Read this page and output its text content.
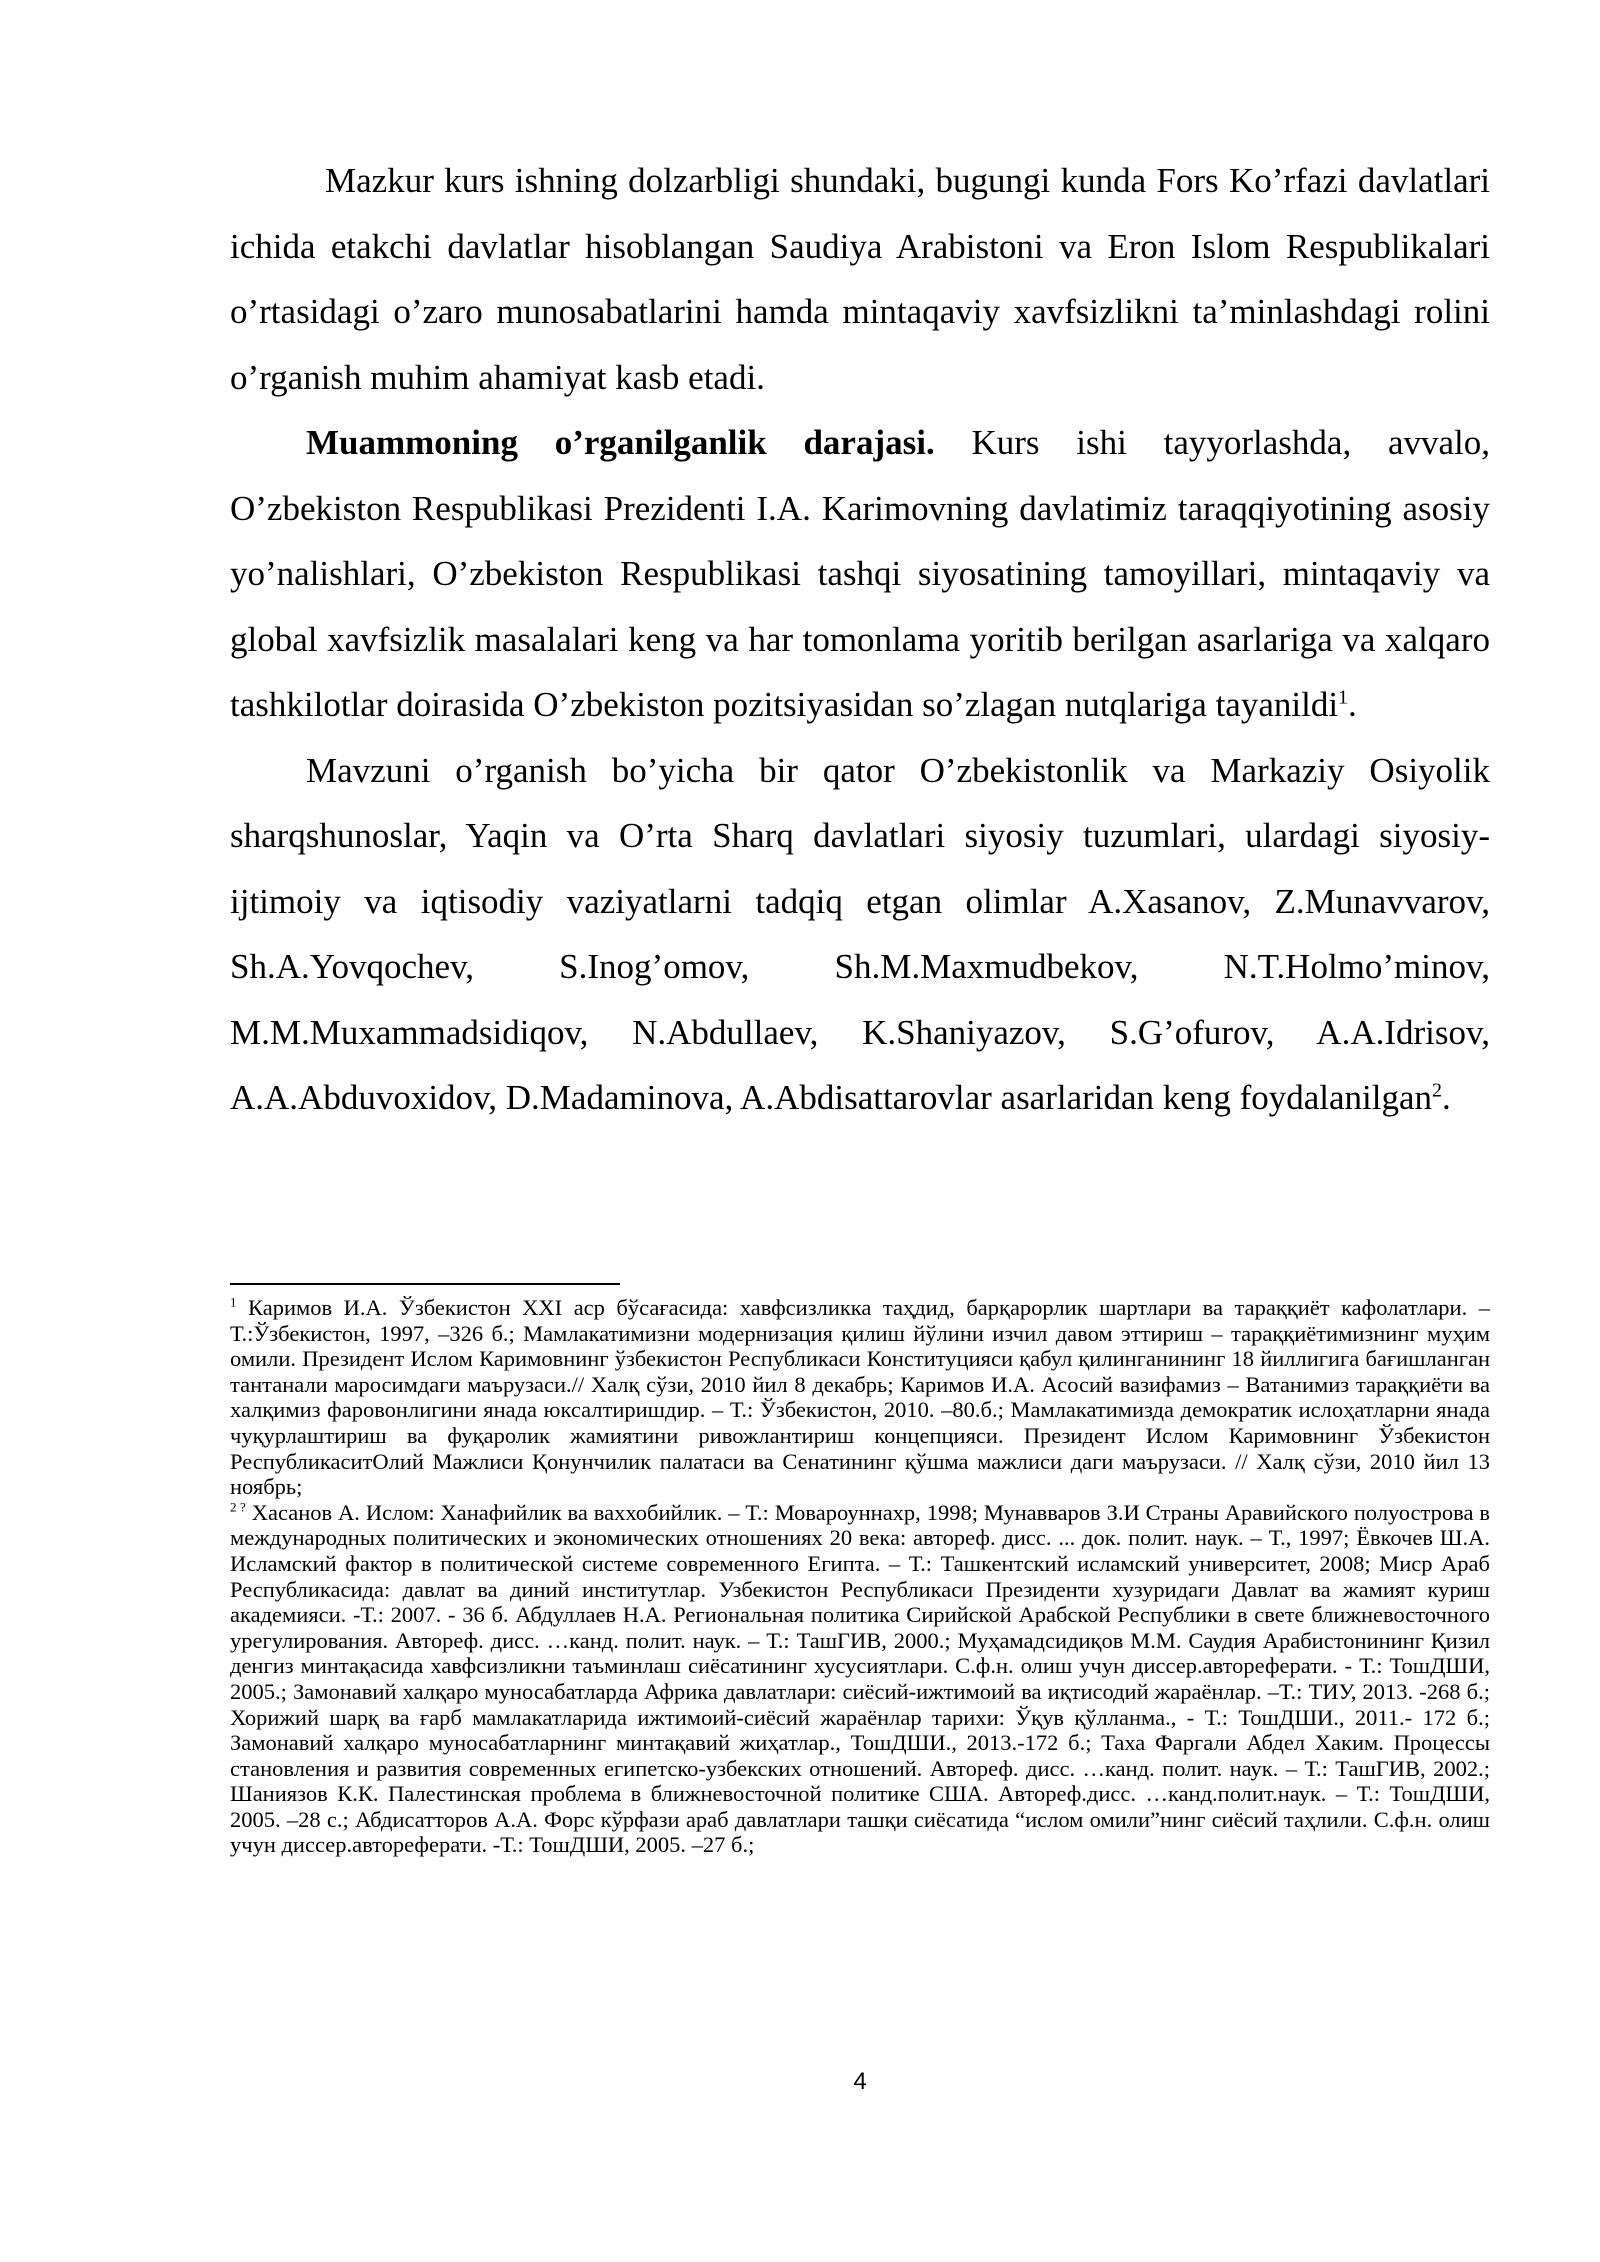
Mazkur kurs ishning dolzarbligi shundaki, bugungi kunda Fors Ko’rfazi davlatlari ichida etakchi davlatlar hisoblangan Saudiya Arabistoni va Eron Islom Respublikalari o’rtasidagi o’zaro munosabatlarini hamda mintaqaviy xavfsizlikni ta’minlashdagi rolini o’rganish muhim ahamiyat kasb etadi.

Muammoning o’rganilganlik darajasi. Kurs ishi tayyorlashda, avvalo, O’zbekiston Respublikasi Prezidenti I.A. Karimovning davlatimiz taraqqiyotining asosiy yo’nalishlari, O’zbekiston Respublikasi tashqi siyosatining tamoyillari, mintaqaviy va global xavfsizlik masalalari keng va har tomonlama yoritib berilgan asarlariga va xalqaro tashkilotlar doirasida O’zbekiston pozitsiyasidan so’zlagan nutqlariga tayanildi$^1$.

Mavzuni o’rganish bo’yicha bir qator O’zbekistonlik va Markaziy Osiyolik sharqshunoslar, Yaqin va O’rta Sharq davlatlari siyosiy tuzumlari, ulardagi siyosiy-ijtimoiy va iqtisodiy vaziyatlarni tadqiq etgan olimlar A.Xasanov, Z.Munavvarov, Sh.A.Yovqochev, S.Inog’omov, Sh.M.Maxmudbekov, N.T.Holmo’minov, M.M.Muxammadsidiqov, N.Abdullaev, K.Shaniyazov, S.G’ofurov, A.A.Idrisov, A.A.Abduvoxidov, D.Madaminova, A.Abdisattarovlar asarlaridan keng foydalanilgan$^2$.

$^1$ Каримов И.А. Ўзбекистон XXI аср бўсағасида: хавфсизликка таҳдид, барқарорлик шартлари ва тараққиёт кафолатлари. –Т.:Ўзбекистон, 1997, –326 б.; Мамлакатимизни модернизация қилиш йўлини изчил давом эттириш – тараққиётимизнинг муҳим омили. Президент Ислом Каримовнинг ўзбекистон Республикаси Конституцияси қабул қилинганининг 18 йиллигига бағишланган тантанали маросимдаги маърузаси.// Халқ сўзи, 2010 йил 8 декабрь; Каримов И.А. Асосий вазифамиз – Ватанимиз тараққиёти ва халқимиз фаровонлигини янада юксалтиришдир. – Т.: Ўзбекистон, 2010. –80.б.; Мамлакатимизда демократик ислоҳатларни янада чуқурлаштириш ва фуқаролик жамиятини ривожлантириш концепцияси. Президент Ислом Каримовнинг Ўзбекистон РеспубликаситОлий Мажлиси Қонунчилик палатаси ва Сенатининг қўшма мажлиси даги маърузаси. // Халқ сўзи, 2010 йил 13 ноябрь;

$^{2 ?}$ Хасанов А. Ислом: Ханафийлик ва ваххобийлик. – Т.: Мовароуннахр, 1998; Мунавваров З.И Страны Аравийского полуострова в международных политических и экономических отношениях 20 века: автореф. дисс. ... док. полит. наук. – Т., 1997; Ёвкочев Ш.А. Исламский фактор в политической системе современного Египта. – Т.: Ташкентский исламский университет, 2008; Миср Араб Республикасида: давлат ва диний институтлар. Узбекистон Республикаси Президенти хузуридаги Давлат ва жамият куриш академияси. -Т.: 2007. - 36 б. Абдуллаев Н.А. Региональная политика Сирийской Арабской Республики в свете ближневосточного урегулирования. Автореф. дисс. …канд. полит. наук. – Т.: ТашГИВ, 2000.; Муҳамадсидиқов М.М. Саудия Арабистонининг Қизил денгиз минтақасида хавфсизликни таъминлаш сиёсатининг хусусиятлари. С.ф.н. олиш учун диссер.автореферати. - Т.: ТошДШИ, 2005.; Замонавий халқаро муносабатларда Африка давлатлари: сиёсий-ижтимоий ва иқтисодий жараёнлар. –Т.: ТИУ, 2013. -268 б.; Хорижий шарқ ва ғарб мамлакатларида ижтимоий-сиёсий жараёнлар тарихи: Ўқув қўлланма., - Т.: ТошДШИ., 2011.- 172 б.; Замонавий халқаро муносабатларнинг минтақавий жиҳатлар., ТошДШИ., 2013.-172 б.; Таха Фаргали Абдел Хаким. Процессы становления и развития современных египетско-узбекских отношений. Автореф. дисс. …канд. полит. наук. – Т.: ТашГИВ, 2002.; Шаниязов К.К. Палестинская проблема в ближневосточной политике США. Автореф.дисс. …канд.полит.наук. – Т.: ТошДШИ, 2005. –28 с.; Абдисатторов А.А. Форс кўрфази араб давлатлари ташқи сиёсатида “ислом омили”нинг сиёсий таҳлили. С.ф.н. олиш учун диссер.автореферати. -Т.: ТошДШИ, 2005. –27 б.;

4
